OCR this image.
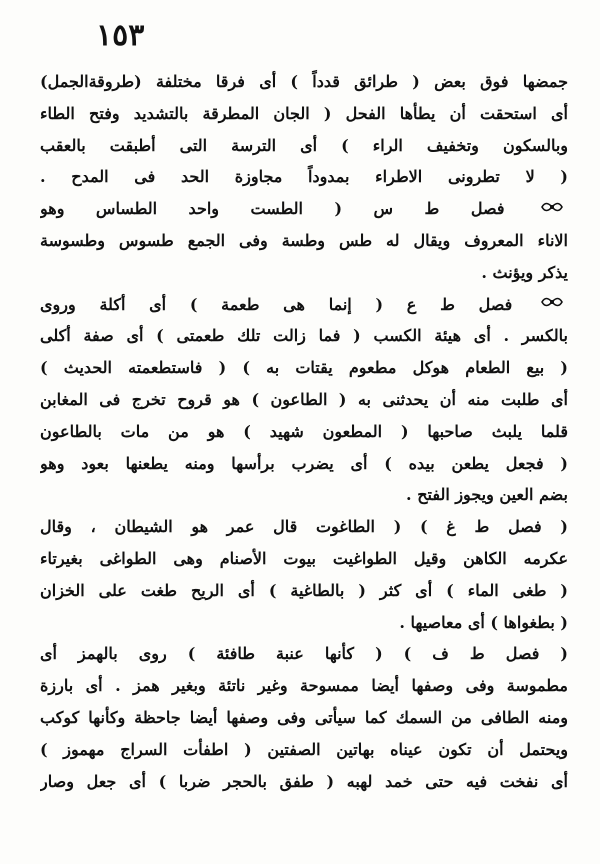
١٥٣
جمضها فوق بعض ( طرائق قدداً ) أى فرقا مختلفة (طروقةالجمل)
أى استحقت أن يطأها الفحل ( الجان المطرقة بالتشديد وفتح الطاء
وبالسكون وتخفيف الراء ) أى الترسة التى أطبقت بالعقب
( لا تطرونى الاطراء بمدوداً مجاوزة الحد فى المدح .
فصل ط س ( الطست واحد الطساس وهو
الاناء المعروف ويقال له طس وطسة وفى الجمع طسوس وطسوسة
يذكر ويؤنث .
فصل ط ع ( إنما هى طعمة ) أى أكلة وروى
بالكسر . أى هيئة الكسب ( فما زالت تلك طعمتى ) أى صفة أكلى
( بيع الطعام هوكل مطعوم يقتات به ) ( فاستطعمته الحديث )
أى طلبت منه أن يحدثنى به ( الطاعون ) هو قروح تخرج فى المغابن
قلما يلبث صاحبها ( المطعون شهيد ) هو من مات بالطاعون
( فجعل يطعن بيده ) أى يضرب برأسها ومنه يطعنها بعود وهو
بضم العين ويجوز الفتح .
( فصل ط غ ) ( الطاغوت قال عمر هو الشيطان ، وقال
عكرمه الكاهن وقيل الطواغيت بيوت الأصنام وهى الطواغى بغيرتاء
( طغى الماء ) أى كثر ( بالطاغية ) أى الريح طغت على الخزان
( بطغواها ) أى معاصيها .
( فصل ط ف ) ( كأنها عنبة طافئة ) روى بالهمز أى
مطموسة وفى وصفها أيضا ممسوحة وغير ناتئة وبغير همز . أى بارزة
ومنه الطافى من السمك كما سيأتى وفى وصفها أيضا جاحظة وكأنها كوكب
ويحتمل أن تكون عيناه بهاتين الصفتين ( اطفأت السراج مهموز )
أى نفخت فيه حتى خمد لهبه ( طفق بالحجر ضربا ) أى جعل وصار
